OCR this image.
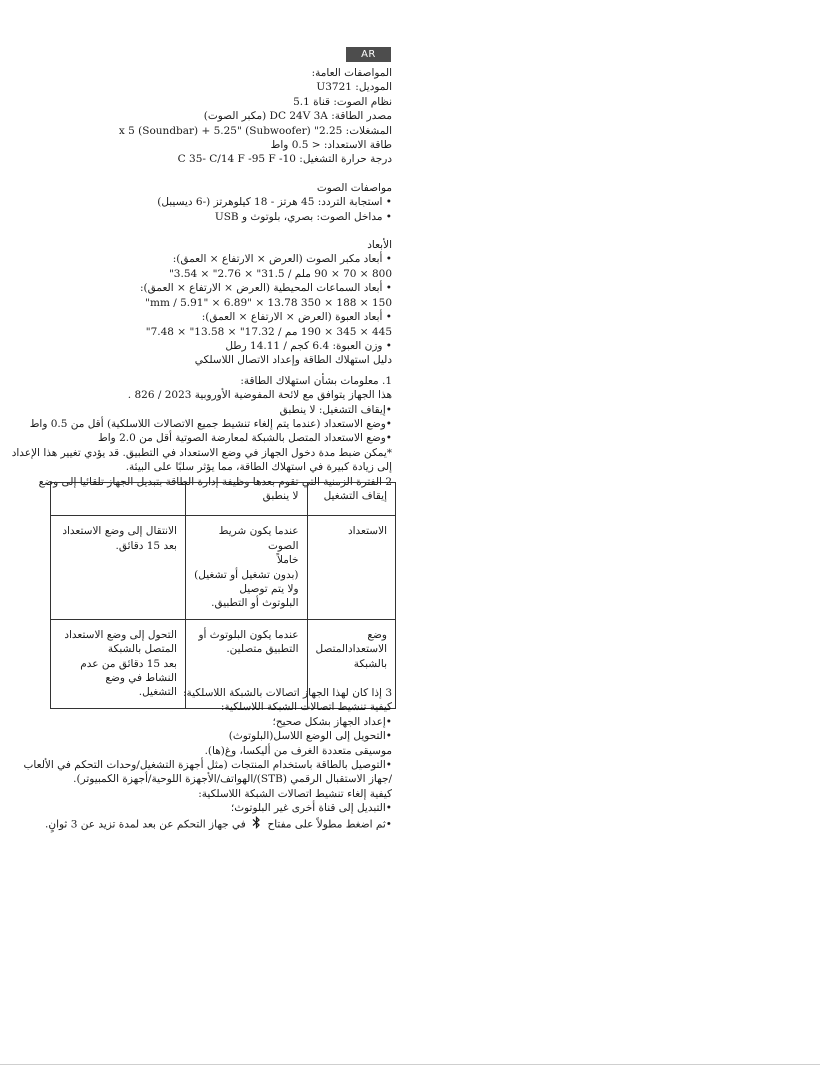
AR
المواصفات العامة:
الموديل: U3721
نظام الصوت: قناة 5.1
مصدر الطاقة: DC 24V 3A (مكبر الصوت)
المشغلات: 2.25" x 5 (Soundbar) + 5.25" (Subwoofer)
طاقة الاستعداد: < 0.5 واط
درجة حرارة التشغيل: 10- C 35- C/14 F -95 F
مواصفات الصوت
• استجابة التردد: 45 هرتز - 18 كيلوهرتز (-6 ديسيبل)
• مداخل الصوت: بصري، بلوتوث و USB
الأبعاد
• أبعاد مكبر الصوت (العرض × الارتفاع × العمق):
800 × 70 × 90 ملم / 31.5" × 2.76" × 3.54"
• أبعاد السماعات المحيطية (العرض × الارتفاع × العمق):
150 × 188 × 350 mm / 5.91" × 6.89" × 13.78"
• أبعاد العبوة (العرض × الارتفاع × العمق):
445 × 345 × 190 مم / 17.32" × 13.58" × 7.48"
• وزن العبوة: 6.4 كجم / 14.11 رطل
دليل استهلاك الطاقة وإعداد الاتصال اللاسلكي
1. معلومات بشأن استهلاك الطاقة:
هذا الجهاز يتوافق مع لائحة المفوضية الأوروبية 2023 / 826 .
•إيقاف التشغيل: لا ينطبق
•وضع الاستعداد (عندما يتم إلغاء تنشيط جميع الاتصالات اللاسلكية) أقل من 0.5 واط
•وضع الاستعداد المتصل بالشبكة لمعارضة الصوتية أقل من 2.0 واط
*يمكن ضبط مدة دخول الجهاز في وضع الاستعداد في التطبيق. قد يؤدي تغيير هذا الإعداد
إلى زيادة كبيرة في استهلاك الطاقة، مما يؤثر سلبًا على البيئة.
2 الفترة الزمنية التي تقوم بعدها وظيفة إدارة الطاقة بتبديل الجهاز تلقائيا إلى وضع
إيقاف التشغيل	لا ينطبق	
الاستعداد	عندما يكون شريط الصوت
خاملاً
(بدون تشغيل أو تشغيل)
ولا يتم توصيل
البلوتوث أو التطبيق.	الانتقال إلى وضع الاستعداد
بعد 15 دقائق.
وضع
الاستعدادالمتصل
بالشبكة	عندما يكون البلوتوث أو
التطبيق متصلين.	التحول إلى وضع الاستعداد
المتصل بالشبكة
بعد 15 دقائق من عدم
النشاط في وضع
التشغيل. 3 إذا كان لهذا الجهاز اتصالات بالشبكة اللاسلكية:
كيفية تنشيط اتصالات الشبكة اللاسلكية:
•إعداد الجهاز بشكل صحيح؛
•التحويل إلى الوضع اللاسل(البلوتوث)
موسيقى متعددة الغرف من أليكسا، وغ(ها).
•التوصيل بالطاقة باستخدام المنتجات (مثل أجهزة التشغيل/وحدات التحكم في الألعاب
/جهاز الاستقبال الرقمي (STB)/الهواتف/الأجهزة اللوحية/أجهزة الكمبيوتر).
كيفية إلغاء تنشيط اتصالات الشبكة اللاسلكية:
•التبديل إلى قناة أخرى غير البلوتوث؛
•ثم اضغط مطولاً على مفتاح  في جهاز التحكم عن بعد لمدة تزيد عن 3 ثوانٍ.
